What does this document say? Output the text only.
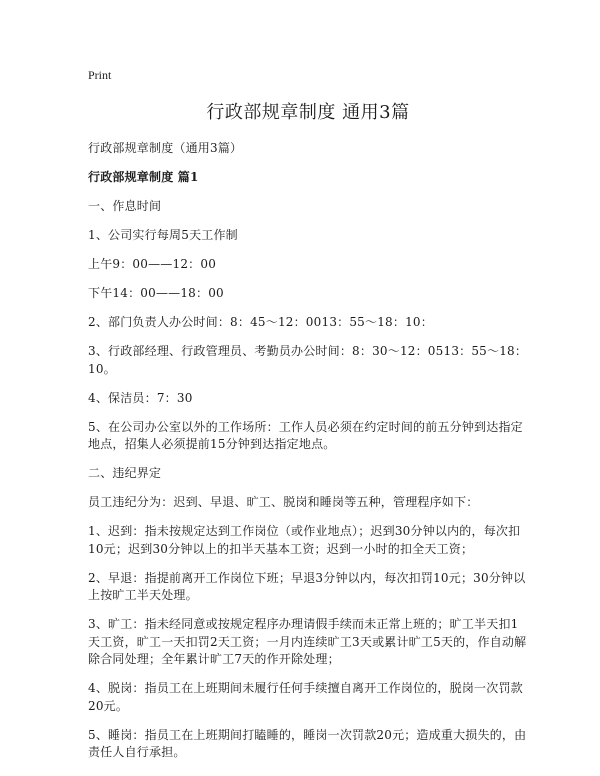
Print
行政部规章制度 通用3篇
行政部规章制度（通用3篇）
行政部规章制度 篇1
一、作息时间
1、公司实行每周5天工作制
上午9：00——12：00
下午14：00——18：00
2、部门负责人办公时间：8：45～12：0013：55～18：10：
3、行政部经理、行政管理员、考勤员办公时间：8：30～12：0513：55～18：10。
4、保洁员：7：30
5、在公司办公室以外的工作场所：工作人员必须在约定时间的前五分钟到达指定地点，招集人必须提前15分钟到达指定地点。
二、违纪界定
员工违纪分为：迟到、早退、旷工、脱岗和睡岗等五种，管理程序如下：
1、迟到：指未按规定达到工作岗位（或作业地点）；迟到30分钟以内的，每次扣10元；迟到30分钟以上的扣半天基本工资；迟到一小时的扣全天工资；
2、早退：指提前离开工作岗位下班；早退3分钟以内，每次扣罚10元；30分钟以上按旷工半天处理。
3、旷工：指未经同意或按规定程序办理请假手续而未正常上班的；旷工半天扣1天工资，旷工一天扣罚2天工资；一月内连续旷工3天或累计旷工5天的，作自动解除合同处理；全年累计旷工7天的作开除处理；
4、脱岗：指员工在上班期间未履行任何手续擅自离开工作岗位的，脱岗一次罚款20元。
5、睡岗：指员工在上班期间打瞌睡的，睡岗一次罚款20元；造成重大损失的，由责任人自行承担。
